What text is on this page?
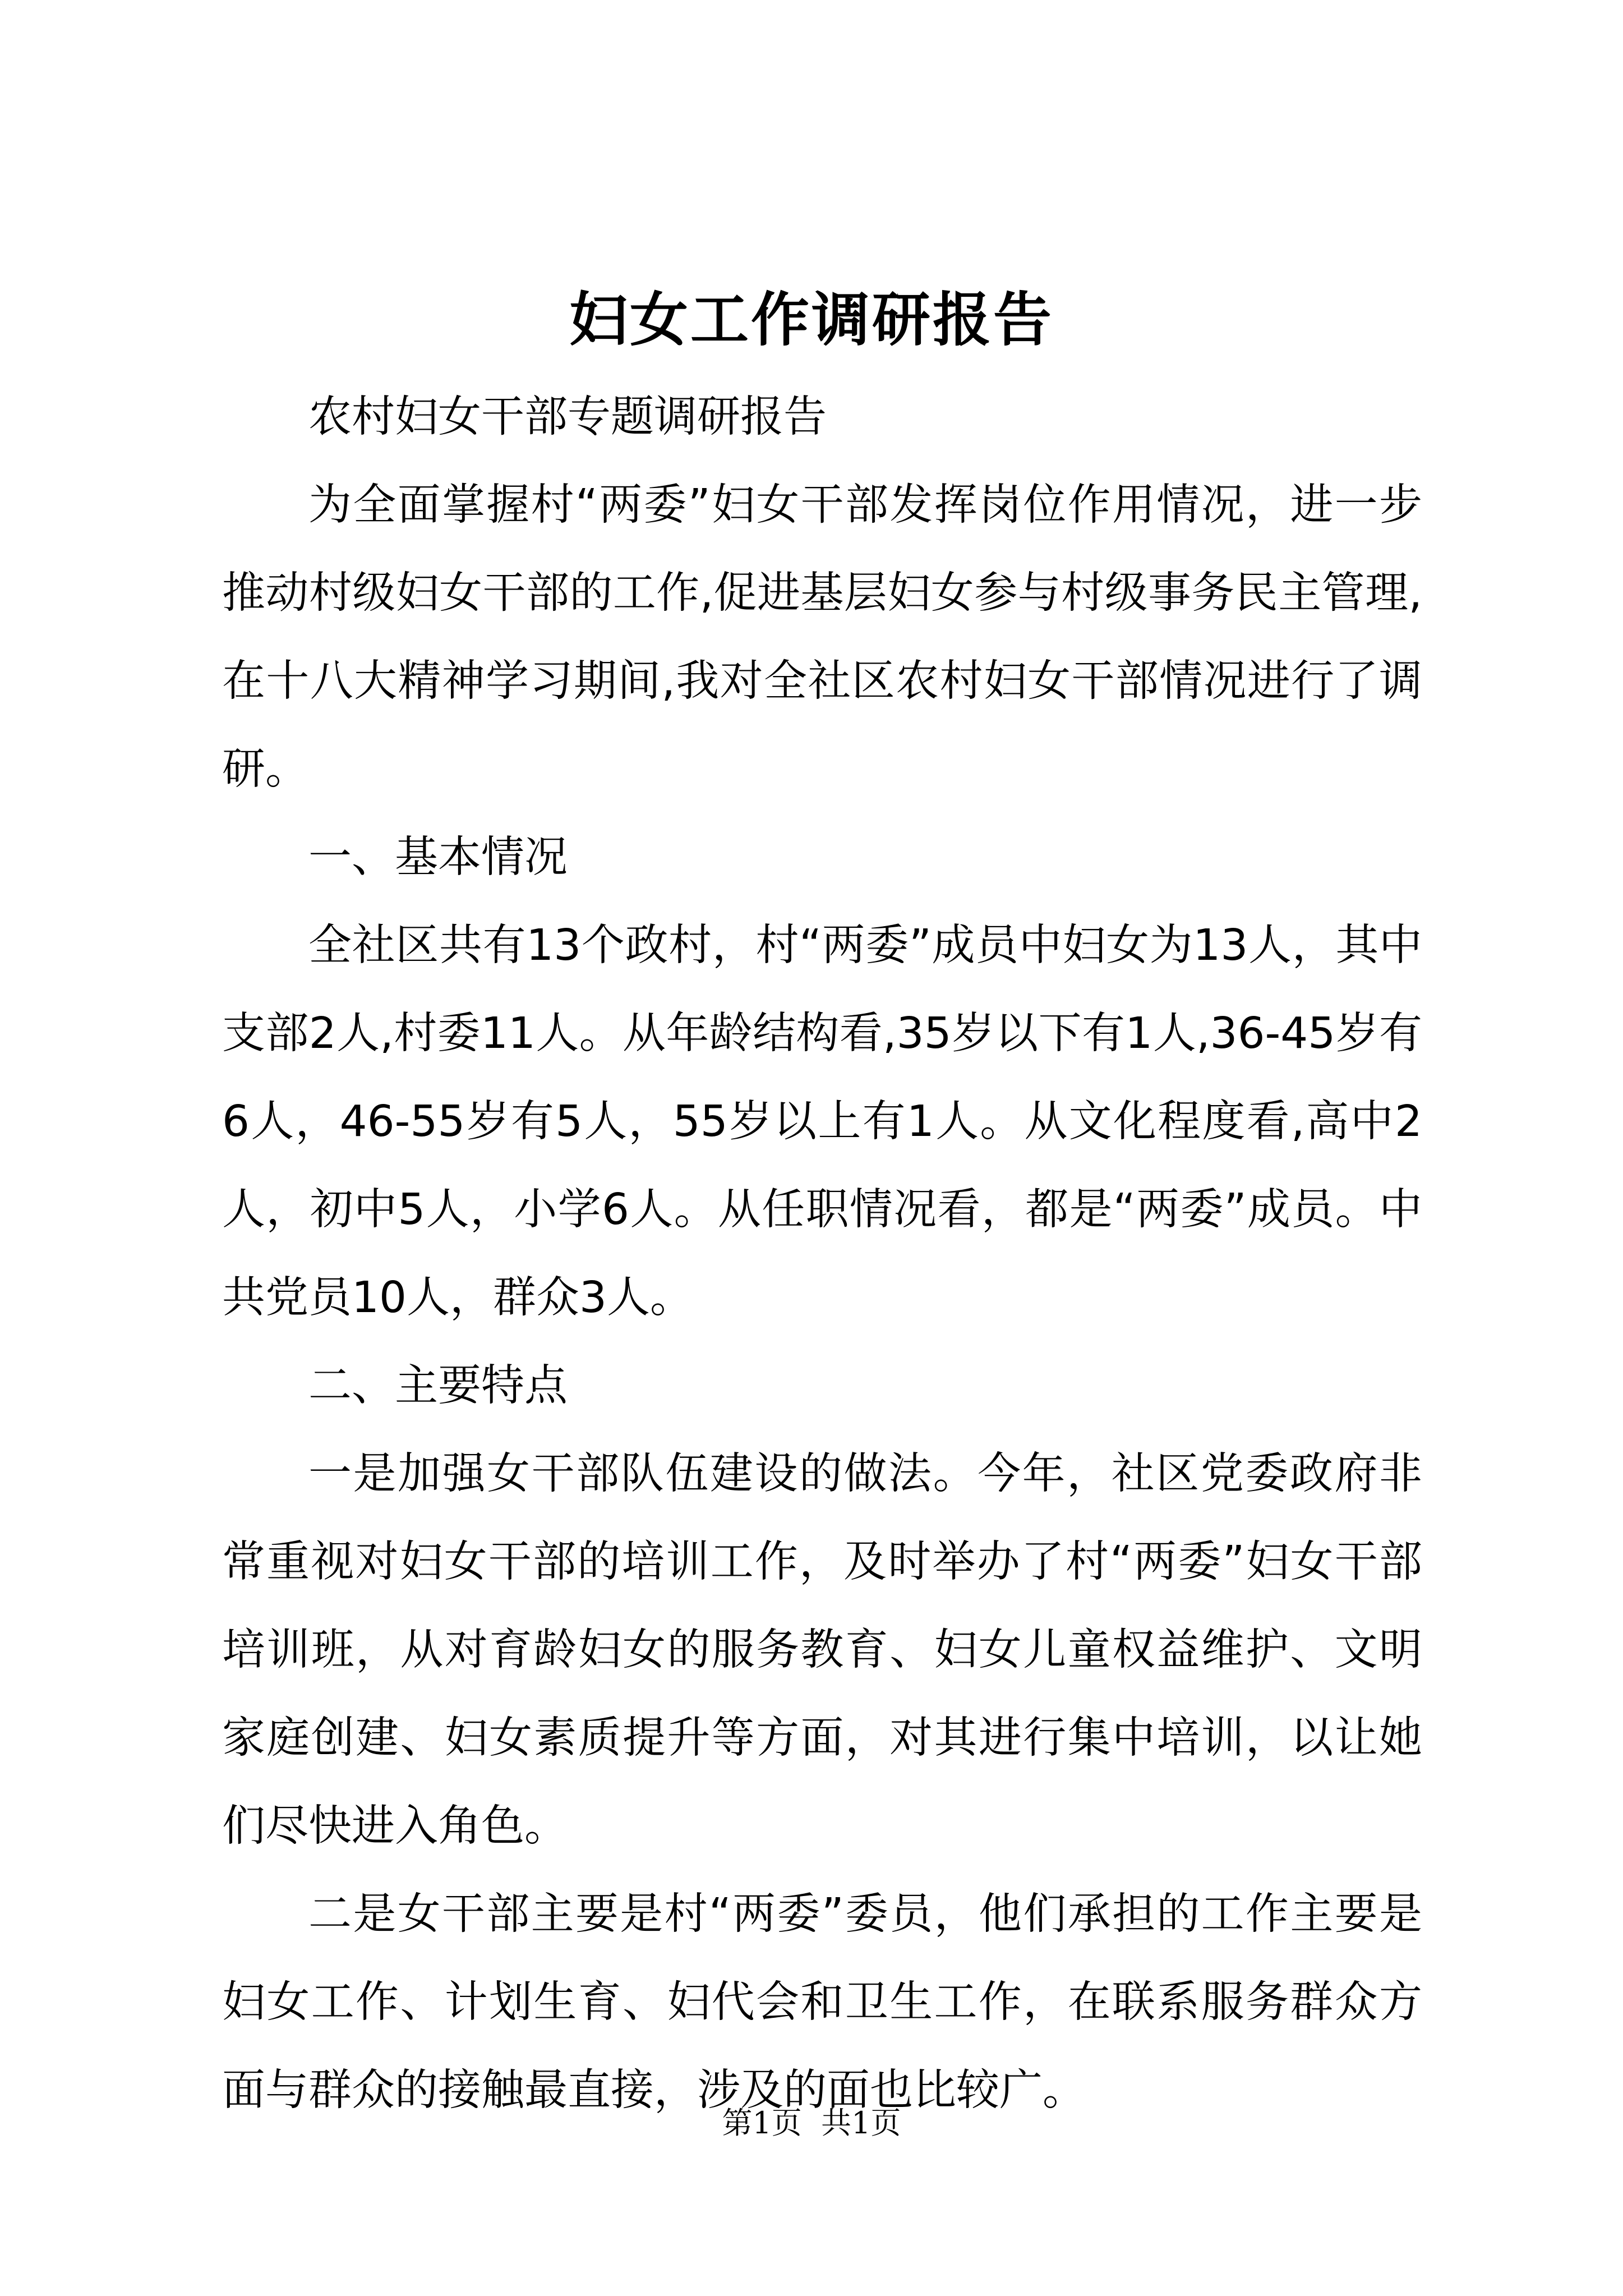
妇女工作调研报告

农村妇女干部专题调研报告

为全面掌握村“两委”妇女干部发挥岗位作用情况，进一步推动村级妇女干部的工作,促进基层妇女参与村级事务民主管理,在十八大精神学习期间,我对全社区农村妇女干部情况进行了调研。

一、基本情况

全社区共有13个政村，村“两委”成员中妇女为13人，其中支部2人,村委11人。从年龄结构看,35岁以下有1人,36-45岁有6人，46-55岁有5人，55岁以上有1人。从文化程度看,高中2人，初中5人，小学6人。从任职情况看，都是“两委”成员。中共党员10人，群众3人。

二、主要特点

一是加强女干部队伍建设的做法。今年，社区党委政府非常重视对妇女干部的培训工作，及时举办了村“两委”妇女干部培训班，从对育龄妇女的服务教育、妇女儿童权益维护、文明家庭创建、妇女素质提升等方面，对其进行集中培训，以让她们尽快进入角色。

二是女干部主要是村“两委”委员，他们承担的工作主要是妇女工作、计划生育、妇代会和卫生工作，在联系服务群众方面与群众的接触最直接，涉及的面也比较广。

第1页 共1页
